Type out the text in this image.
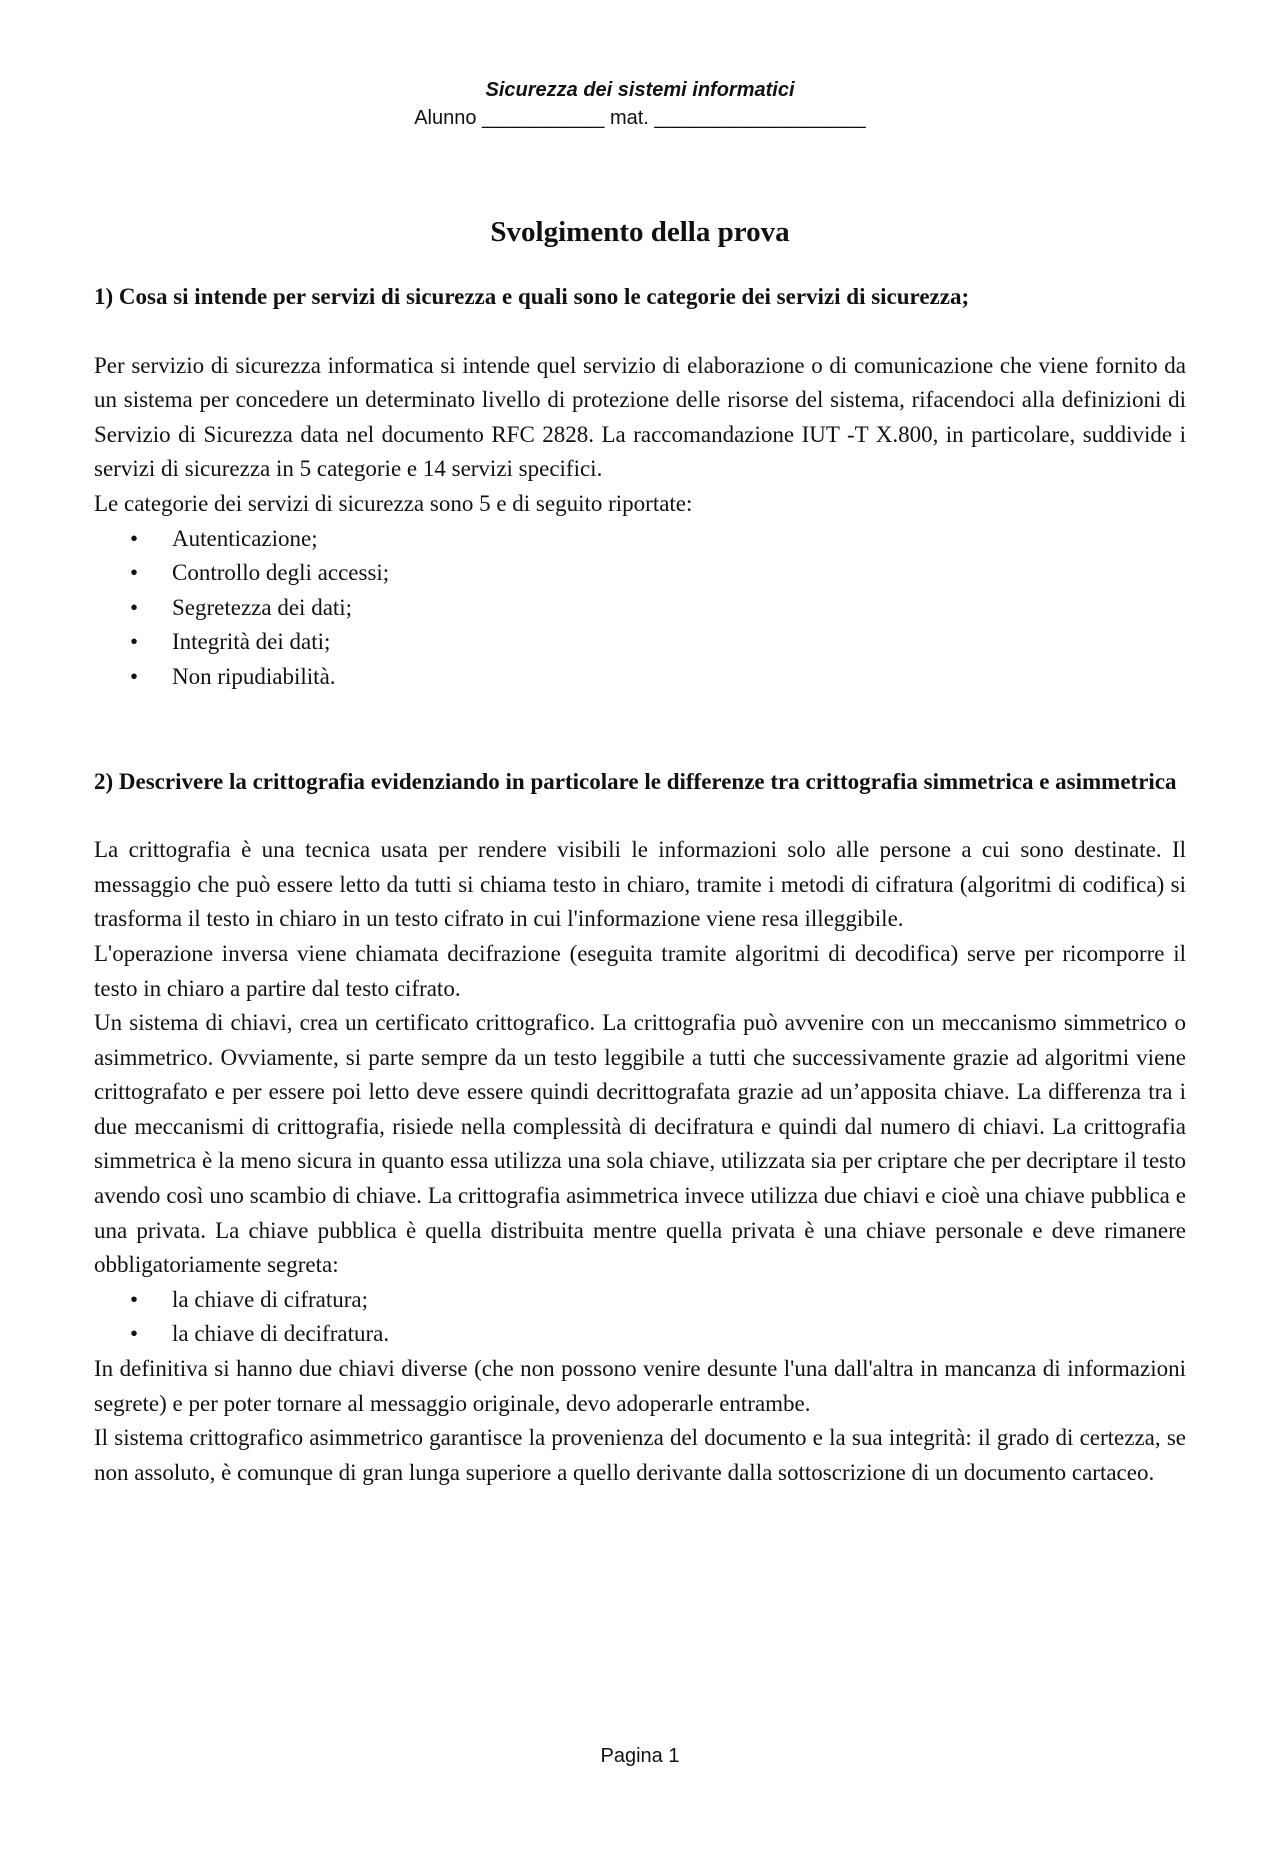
Sicurezza dei sistemi informatici
Alunno ___________ mat. ___________________
Svolgimento della prova

1) Cosa si intende per servizi di sicurezza e quali sono le categorie dei servizi di sicurezza;

Per servizio di sicurezza informatica si intende quel servizio di elaborazione o di comunicazione che viene fornito da un sistema per concedere un determinato livello di protezione delle risorse del sistema, rifacendoci alla definizioni di Servizio di Sicurezza data nel documento RFC 2828. La raccomandazione IUT -T X.800, in particolare, suddivide i servizi di sicurezza in 5 categorie e 14 servizi specifici.

Le categorie dei servizi di sicurezza sono 5 e di seguito riportate:

• Autenticazione;
• Controllo degli accessi;
• Segretezza dei dati;
• Integrità dei dati;
• Non ripudiabilità.

2) Descrivere la crittografia evidenziando in particolare le differenze tra crittografia simmetrica e asimmetrica

La crittografia è una tecnica usata per rendere visibili le informazioni solo alle persone a cui sono destinate. Il messaggio che può essere letto da tutti si chiama testo in chiaro, tramite i metodi di cifratura (algoritmi di codifica) si trasforma il testo in chiaro in un testo cifrato in cui l'informazione viene resa illeggibile.

L'operazione inversa viene chiamata decifrazione (eseguita tramite algoritmi di decodifica) serve per ricomporre il testo in chiaro a partire dal testo cifrato.

Un sistema di chiavi, crea un certificato crittografico. La crittografia può avvenire con un meccanismo simmetrico o asimmetrico. Ovviamente, si parte sempre da un testo leggibile a tutti che successivamente grazie ad algoritmi viene crittografato e per essere poi letto deve essere quindi decrittografata grazie ad un’apposita chiave. La differenza tra i due meccanismi di crittografia, risiede nella complessità di decifratura e quindi dal numero di chiavi. La crittografia simmetrica è la meno sicura in quanto essa utilizza una sola chiave, utilizzata sia per criptare che per decriptare il testo avendo così uno scambio di chiave. La crittografia asimmetrica invece utilizza due chiavi e cioè una chiave pubblica e una privata. La chiave pubblica è quella distribuita mentre quella privata è una chiave personale e deve rimanere obbligatoriamente segreta:

• la chiave di cifratura;
• la chiave di decifratura.

In definitiva si hanno due chiavi diverse (che non possono venire desunte l'una dall'altra in mancanza di informazioni segrete) e per poter tornare al messaggio originale, devo adoperarle entrambe.

Il sistema crittografico asimmetrico garantisce la provenienza del documento e la sua integrità: il grado di certezza, se non assoluto, è comunque di gran lunga superiore a quello derivante dalla sottoscrizione di un documento cartaceo.

Pagina 1
